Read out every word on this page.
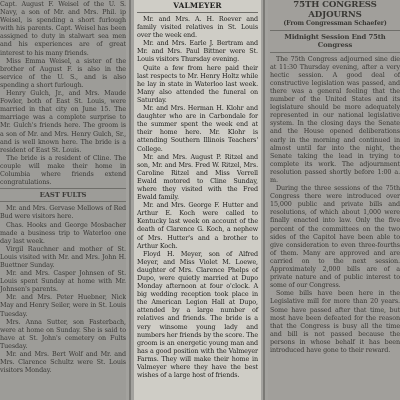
Capt. August F. Weisel of the U. S. Navy, a son of Mr. and Mrs. Phil. ip Weisel, is spending a short furlough with his parents. Capt. Weisel has been assigned to duty in stalwart sea men and his experiences are of great interest to his many friends.

Miss Emma Weisel, a sister of the brother of August F. is also in the service of the U. S., and is also spending a short furlough.

Henry Gulch, Jr., and Mrs. Maude Fowler, both of East St. Louis, were married in that city on June 15. The marriage was a complete surprise to Mr. Gulch's friends here. The groom is a son of Mr. and Mrs. Henry Gulch, Sr., and is well known here. The bride is a resident of East St. Louis.

The bride is a resident of Cline. The couple will make their home in Columbia where friends extend congratulations.

EAST FULTS

Mr. and Mrs. Gervase Mellows of Red Bud were visitors here.

Chas. Hooks and George Mosbacher made a business trip to Waterloo one day last week.

Virgil Rauchner and mother of St. Louis visited with Mr. and Mrs. John H. Buettner Sunday.

Mr. and Mrs. Casper Johnsen of St. Louis spent Sunday at home with Mr. Johnsen's parents.

Mr. and Mrs. Peter Huebner, Nick May and Henry Seiler, were in St. Louis Tuesday.

Mrs. Anna Sutter, son Fasterbach, were at home on Sunday. She is said to have at St. John's cemetery on Fults Tuesday.

Mr. and Mrs. Bert Wolf and Mr. and Mrs. Clarence Schultz were St. Louis visitors Monday.

VALMEYER

Mr. and Mrs. A. H. Roever and family visited relatives in St. Louis over the week end.

Mr. and Mrs. Earle J. Bertram and Mr. and Mrs. Paul Bittner were St. Louis visitors Thursday evening.

Quite a few from here paid their last respects to Mr. Henry Holtz while he lay in state in Waterloo last week. Many also attended the funeral on Saturday.

Mr. and Mrs. Herman H. Klohr and daughter who are in Carbondale for the summer spent the week end at their home here. Mr. Klohr is attending Southern Illinois Teachers' College.

Mr. and Mrs. August P. Ritzel and son, Mr. and Mrs. Fred W. Ritzel, Mrs. Caroline Ritzel and Miss Verrell Ewald motored to Cline Sunday, where they visited with the Fred Ewald family.

Mr. and Mrs. George F. Hutter and Arthur E. Koch were called to Kentucky last week on account of the death of Clarence G. Koch, a nephew of Mrs. Hutter's and a brother to Arthur Koch.

Floyd H. Meyer, son of Alfred Meyer, and Miss Violet M. Loewe, daughter of Mrs. Clarence Phelps of Dupo, were quietly married at Dupo Monday afternoon at four o'clock. A big wedding reception took place in the American Legion Hall at Dupo, attended by a large number of relatives and friends. The bride is a very winsome young lady and numbers her friends by the score. The groom is an energetic young man and has a good position with the Valmeyer Farms. They will make their home in Valmeyer where they have the best wishes of a large host of friends.

75TH CONGRESS ADJOURNS
(From Congressman Schaefer)
Midnight Session End 75th Congress

The 75th Congress adjourned sine die at 11:30 Thursday evening, after a very hectic session. A good deal of constructive legislation was passed, and there was a general feeling that the number of the United States and its legislature should be more adequately represented in our national legislative system. In the closing days the Senate and the House opened deliberations early in the morning and continued in almost until far into the night, the Senate taking the lead in trying to complete its work. The adjournment resolution passed shortly before 1:00 a. m.

During the three sessions of the 75th Congress there were introduced over 15,000 public and private bills and resolutions, of which about 1,000 were finally enacted into law. Only the five percent of the committees on the two sides of the Capitol have been able to give consideration to even three-fourths of them. Many are approved and are carried on to the next session. Approximately 2,000 bills are of a private nature and of public interest to some of our Congress.

Some bills have been here in the Legislative mill for more than 20 years. Some have passed after that time, but most have been defeated for the reason that the Congress is busy all the time and bill is not passed because the persons in whose behalf it has been introduced have gone to their reward.
